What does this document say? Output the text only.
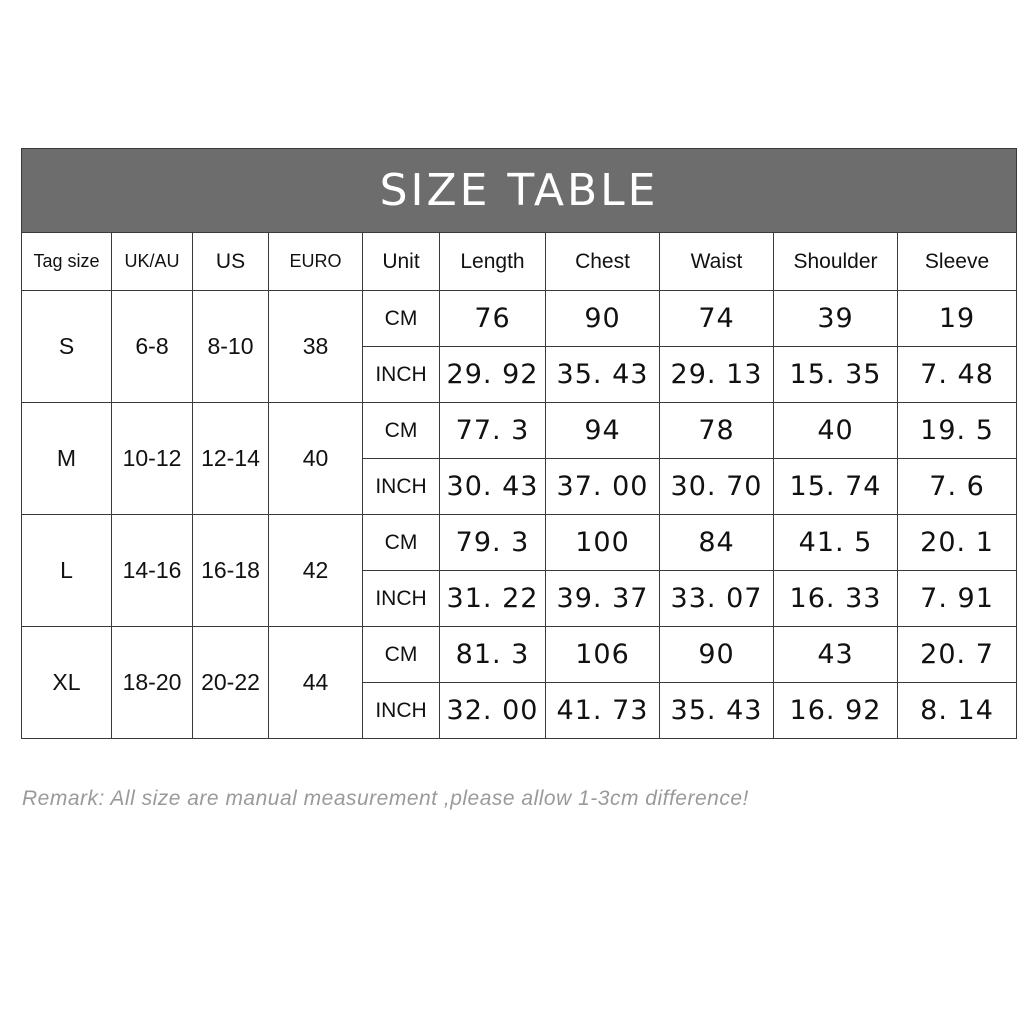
SIZE TABLE									
Tag size	UK/AU	US	EURO	Unit	Length	Chest	Waist	Shoulder	Sleeve
S	6-8	8-10	38	CM	76	90	74	39	19
				INCH	29. 92	35. 43	29. 13	15. 35	7. 48
M	10-12	12-14	40	CM	77. 3	94	78	40	19. 5
				INCH	30. 43	37. 00	30. 70	15. 74	7. 6
L	14-16	16-18	42	CM	79. 3	100	84	41. 5	20. 1
				INCH	31. 22	39. 37	33. 07	16. 33	7. 91
XL	18-20	20-22	44	CM	81. 3	106	90	43	20. 7
				INCH	32. 00	41. 73	35. 43	16. 92	8. 14
Remark: All size are manual measurement ,please allow 1-3cm difference!
